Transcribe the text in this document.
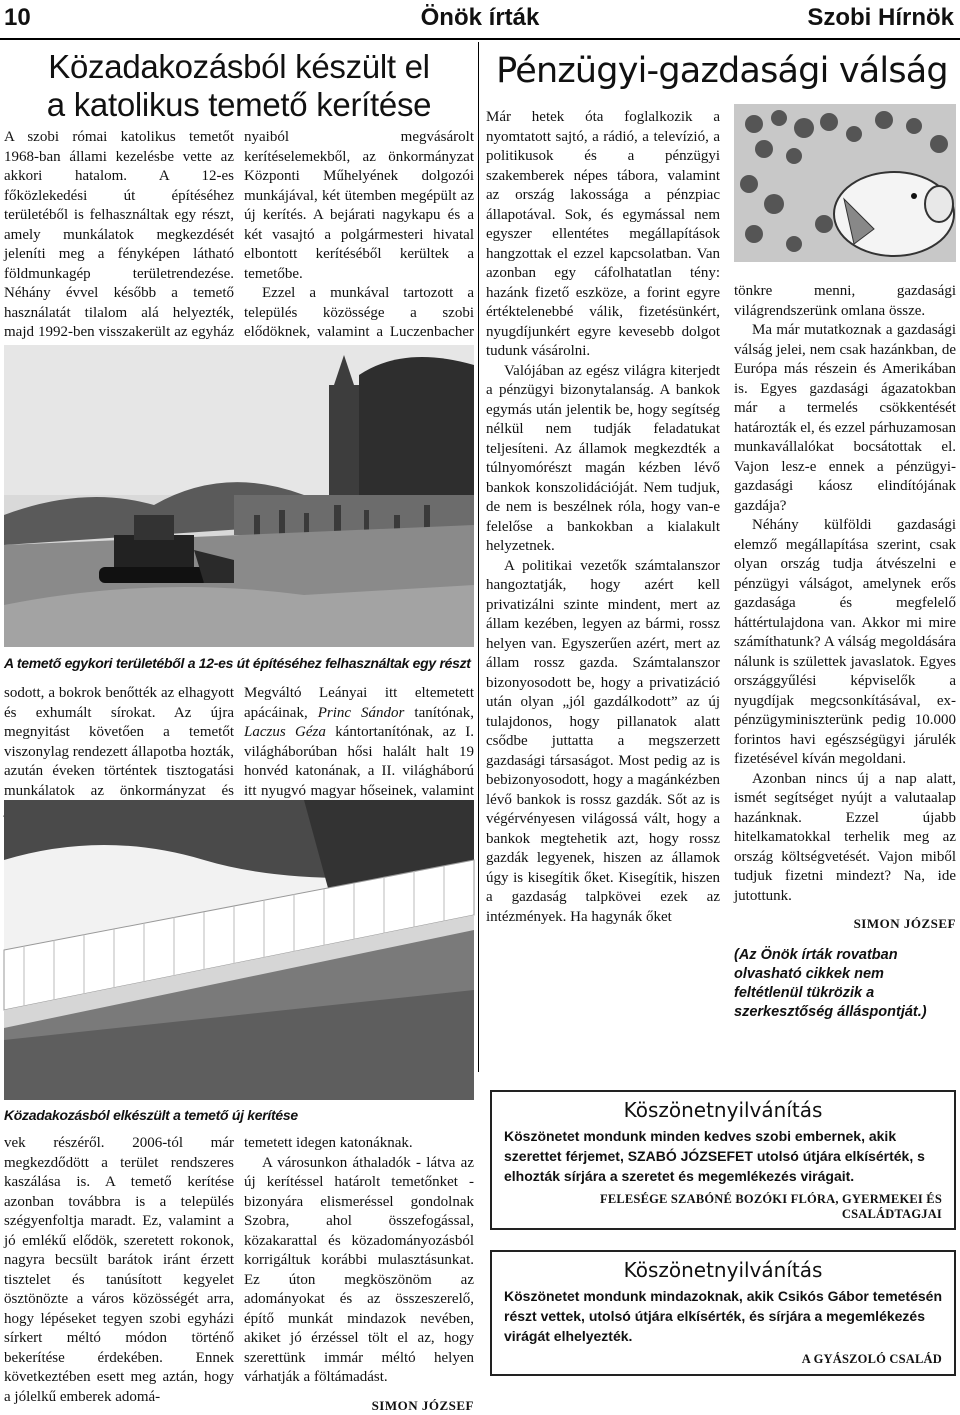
10	Önök írták	Szobi Hírnök
Közadakozásból készült el
a katolikus temető kerítése

A szobi római katolikus temetőt 1968-ban állami kezelésbe vette az akkori hatalom. A 12-es főközlekedési út építéséhez területéből is felhasználtak egy részt, amely munkálatok megkezdését jeleníti meg a fényképen látható földmunkagép területrendezése. Néhány évvel később a temető használatát tilalom alá helyezték, majd 1992-ben visszakerült az egyház

nyaiból megvásárolt kerítéselemekből, az önkormányzat Központi Műhelyének dolgozói munkájával, két ütemben megépült az új kerítés. A bejárati nagykapu és a két vasajtó a polgármesteri hivatal elbontott kerítéséből kerültek a temetőbe.

Ezzel a munkával tartozott a település közössége a szobi elődöknek, valamint a Luczenbacher

A temető egykori területéből a 12-es út építéséhez felhasználtak egy részt

sodott, a bokrok benőtték az elhagyott és exhumált sírokat. Az újra megnyitást követően a temetőt viszonylag rendezett állapotba hozták, azután éveken történtek tisztogatási munkálatok az önkormányzat és

Megváltó Leányai itt eltemetett apácáinak, Princ Sándor tanítónak, Laczus Géza kántortanítónak, az I. világháborúban hősi halált halt 19 honvéd katonának, a II. világháború itt nyugvó magyar hőseinek, valamint

Közadakozásból elkészült a temető új kerítése

vek részéről. 2006-tól már megkezdődött a terület rendszeres kaszálása is. A temető kerítése azonban továbbra is a település szégyenfoltja maradt. Ez, valamint a jó emlékű elődök, szeretett rokonok, nagyra becsült barátok iránt érzett tisztelet és tanúsított kegyelet ösztönözte a város közösségét arra, hogy lépéseket tegyen szobi egyházi sírkert méltó módon történő bekerítése érdekében. Ennek következtében esett meg aztán, hogy a jólelkű emberek adomá-

temetett idegen katonáknak.

A városunkon áthaladók - látva az új kerítéssel határolt temetőnket - bizonyára elismeréssel gondolnak Szobra, ahol összefogással, közakarattal és közadományozásból korrigáltuk korábbi mulasztásunkat. Ez úton megköszönöm az adományokat és az összeszerelő, építő munkát mindazok nevében, akiket jó érzéssel tölt el az, hogy szerettünk immár méltó helyen várhatják a föltámadást.

SIMON JÓZSEF
Pénzügyi-gazdasági válság

Már hetek óta foglalkozik a nyomtatott sajtó, a rádió, a televízió, a politikusok és a pénzügyi szakemberek népes tábora, valamint az ország lakossága a pénzpiac állapotával. Sok, és egymással nem egyszer ellentétes megállapítások hangzottak el ezzel kapcsolatban. Van azonban egy cáfolhatatlan tény: hazánk fizető eszköze, a forint egyre értéktelenebbé válik, fizetésünkért, nyugdíjunkért egyre kevesebb dolgot tudunk vásárolni.

Valójában az egész világra kiterjedt a pénzügyi bizonytalanság. A bankok egymás után jelentik be, hogy segítség nélkül nem tudják feladatukat teljesíteni. Az államok megkezdték a túlnyomórészt magán kézben lévő bankok konszolidációját. Nem tudjuk, de nem is beszélnek róla, hogy van-e felelőse a bankokban a kialakult helyzetnek.

A politikai vezetők számtalanszor hangoztatják, hogy azért kell privatizálni szinte mindent, mert az állam kezében, legyen az bármi, rossz helyen van. Egyszerűen azért, mert az állam rossz gazda. Számtalanszor bizonyosodott be, hogy a privatizáció után olyan „jól gazdálkodott” az új tulajdonos, hogy pillanatok alatt csődbe juttatta a megszerzett gazdasági társaságot. Most pedig az is bebizonyosodott, hogy a magánkézben lévő bankok is rossz gazdák. Sőt az is végérvényesen világossá vált, hogy a bankok megtehetik azt, hogy rossz gazdák legyenek, hiszen az államok úgy is kisegítik őket. Kisegítik, hiszen a gazdaság talpkövei ezek az intézmények. Ha hagynák őket

tönkre menni, gazdasági világrendszerünk omlana össze.

Ma már mutatkoznak a gazdasági válság jelei, nem csak hazánkban, de Európa más részein és Amerikában is. Egyes gazdasági ágazatokban már a termelés csökkentését határozták el, és ezzel párhuzamosan munkavállalókat bocsátottak el. Vajon lesz-e ennek a pénzügyi-gazdasági káosz elindítójának gazdája?

Néhány külföldi gazdasági elemző megállapítása szerint, csak olyan ország tudja átvészelni e pénzügyi válságot, amelynek erős gazdasága és megfelelő háttértulajdona van. Akkor mi mire számíthatunk? A válság megoldására nálunk is születtek javaslatok. Egyes országgyűlési képviselők a nyugdíjak megcsonkításával, ex-pénzügyminiszterünk pedig 10.000 forintos havi egészségügyi járulék fizetésével kíván megoldani.

Azonban nincs új a nap alatt, ismét segítséget nyújt a valutaalap hazánknak. Ezzel újabb hitelkamatokkal terhelik meg az ország költségvetését. Vajon miből tudjuk fizetni mindezt? Na, ide jutottunk.

SIMON JÓZSEF
(Az Önök írták rovatban olvasható cikkek nem feltétlenül tükrözik a szerkesztőség álláspontját.)
Köszönetnyilvánítás
Köszönetet mondunk minden kedves szobi embernek, akik szerettet férjemet, SZABÓ JÓZSEFET utolsó útjára elkísérték, s elhozták sírjára a szeretet és megemlékezés virágait.
FELESÉGE SZABÓNÉ BOZÓKI FLÓRA, GYERMEKEI ÉS CSALÁDTAGJAI
Köszönetnyilvánítás
Köszönetet mondunk mindazoknak, akik Csikós Gábor temetésén részt vettek, utolsó útjára elkísérték, és sírjára a megemlékezés virágát elhelyezték.
A GYÁSZOLÓ CSALÁD
